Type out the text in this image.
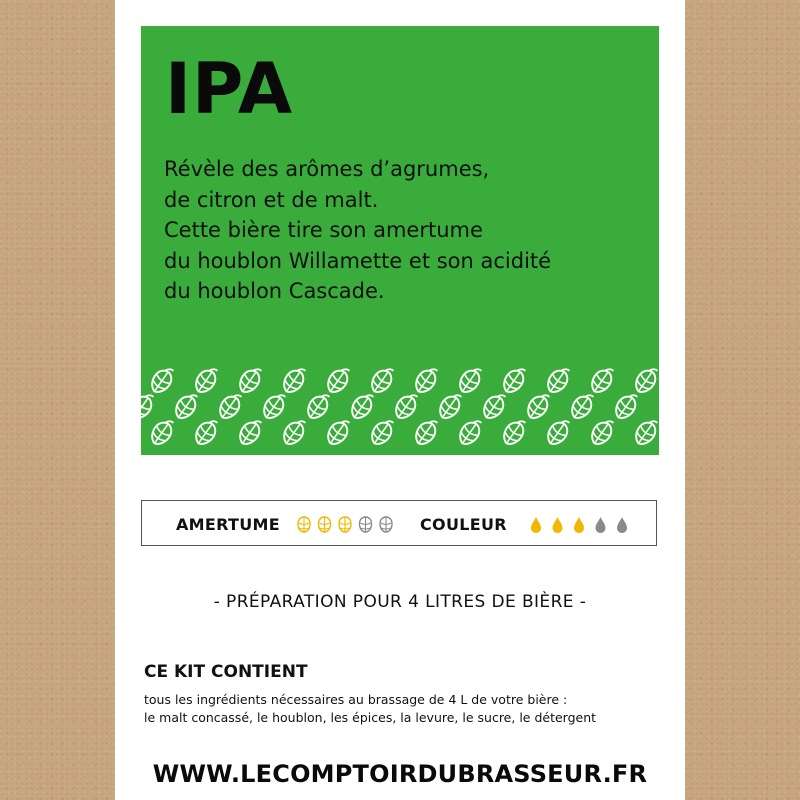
IPA
Révèle des arômes d’agrumes,
de citron et de malt.
Cette bière tire son amertume
du houblon Willamette et son acidité
du houblon Cascade.
AMERTUME	COULEUR
- PRÉPARATION POUR 4 LITRES DE BIÈRE -
CE KIT CONTIENT
tous les ingrédients nécessaires au brassage de 4 L de votre bière :
le malt concassé, le houblon, les épices, la levure, le sucre, le détergent
WWW.LECOMPTOIRDUBRASSEUR.FR
